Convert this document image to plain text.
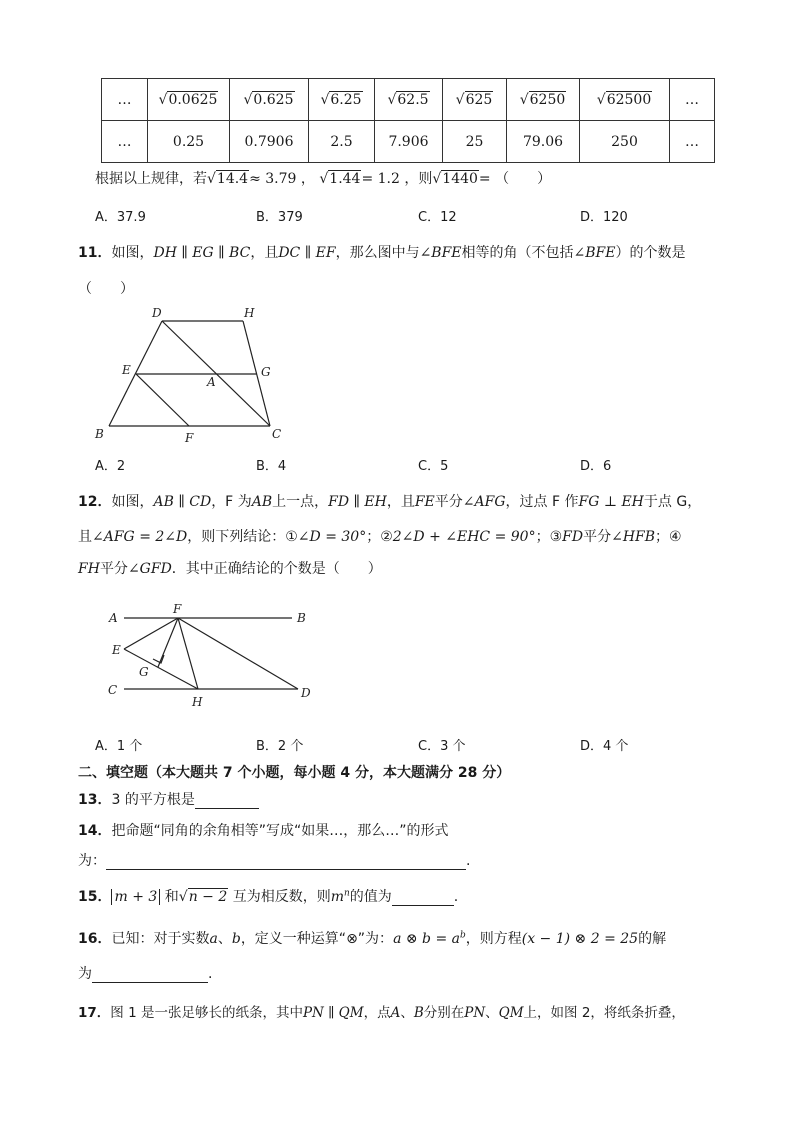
…	√0.0625	√0.625	√6.25	√62.5	√625	√6250	√62500	…
…	0.25	0.7906	2.5	7.906	25	79.06	250	…
根据以上规律，若√14.4≈ 3.79 ， √1.44= 1.2 ，则√1440= （　　）
A．37.9	B．379	C．12	D．120
11．如图，DH ∥ EG ∥ BC，且DC ∥ EF，那么图中与∠BFE相等的角（不包括∠BFE）的个数是
（　　）
D	H
E
A
G
B	F	C
A．2	B．4	C．5	D．6
12．如图，AB ∥ CD，F 为AB上一点，FD ∥ EH，且FE平分∠AFG，过点 F 作FG ⊥ EH于点 G，
且∠AFG = 2∠D，则下列结论：①∠D = 30°；②2∠D + ∠EHC = 90°；③FD平分∠HFB；④
FH平分∠GFD．其中正确结论的个数是（　　）
A
F
B
E
G
C
H
D
A．1 个	B．2 个	C．3 个	D．4 个
二、填空题（本大题共 7 个小题，每小题 4 分，本大题满分 28 分）
13．3 的平方根是
14．把命题“同角的余角相等”写成“如果…，那么…”的形式
为：	.
15． m + 3 和√n − 2 互为相反数，则$m^n$的值为	.
16．已知：对于实数a、b，定义一种运算“⊗”为：a ⊗ $b = a^b$，则方程(x − 1) ⊗ 2 = 25的解
为	.
17．图 1 是一张足够长的纸条，其中PN ∥ QM，点A、B分别在PN、QM上，如图 2，将纸条折叠，
